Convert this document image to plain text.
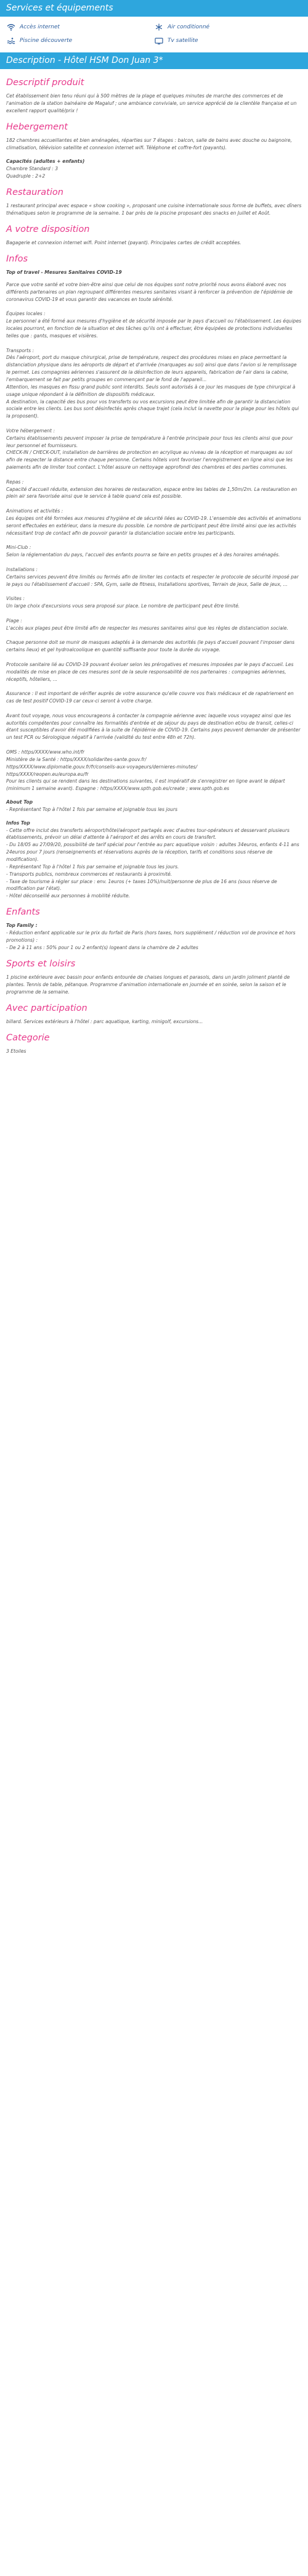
Services et équipements
Accès internet	Air conditionné
Piscine découverte	Tv satellite
Description - Hôtel HSM Don Juan 3*
Descriptif produit

Cet établissement bien tenu réuni qui à 500 mètres de la plage et quelques minutes de marche des commerces et de l'animation de la station balnéaire de Magaluf ; une ambiance conviviale, un service apprécié de la clientèle française et un excellent rapport qualité/prix !

Hebergement

182 chambres accueillantes et bien aménagées, réparties sur 7 étages : balcon, salle de bains avec douche ou baignoire, climatisation, télévision satellite et connexion internet wifi. Téléphone et coffre-fort (payants).

Capacités (adultes + enfants)

Chambre Standard : 3

Quadruple : 2+2

Restauration

1 restaurant principal avec espace « show cooking », proposant une cuisine internationale sous forme de buffets, avec dîners thématiques selon le programme de la semaine. 1 bar près de la piscine proposant des snacks en Juillet et Août.

A votre disposition

Bagagerie et connexion internet wifi. Point internet (payant). Principales cartes de crédit acceptées.

Infos

Top of travel - Mesures Sanitaires COVID-19

Parce que votre santé et votre bien-être ainsi que celui de nos équipes sont notre priorité nous avons élaboré avec nos différents partenaires un plan regroupant différentes mesures sanitaires visant à renforcer la prévention de l'épidémie de coronavirus COVID-19 et vous garantir des vacances en toute sérénité.

Équipes locales :
Le personnel a été formé aux mesures d'hygiène et de sécurité imposée par le pays d'accueil ou l'établissement. Les équipes locales pourront, en fonction de la situation et des tâches qu'ils ont à effectuer, être équipées de protections individuelles telles que : gants, masques et visières.

Transports :
Dès l'aéroport, port du masque chirurgical, prise de température, respect des procédures mises en place permettant la distanciation physique dans les aéroports de départ et d'arrivée (marquages au sol) ainsi que dans l'avion si le remplissage le permet. Les compagnies aériennes s'assurent de la désinfection de leurs appareils, fabrication de l'air dans la cabine, l'embarquement se fait par petits groupes en commençant par le fond de l'appareil...
Attention, les masques en fissu grand public sont interdits. Seuls sont autorisés à ce jour les masques de type chirurgical à usage unique répondant à la définition de dispositifs médicaux.
A destination, la capacité des bus pour vos transferts ou vos excursions peut être limitée afin de garantir la distanciation sociale entre les clients. Les bus sont désinfectés après chaque trajet (cela inclut la navette pour la plage pour les hôtels qui la proposent).

Votre hébergement :
Certains établissements peuvent imposer la prise de température à l'entrée principale pour tous les clients ainsi que pour leur personnel et fournisseurs.
CHECK-IN / CHECK-OUT, installation de barrières de protection en acrylique au niveau de la réception et marquages au sol afin de respecter la distance entre chaque personne. Certains hôtels vont favoriser l'enregistrement en ligne ainsi que les paiements afin de limiter tout contact. L'hôtel assure un nettoyage approfondi des chambres et des parties communes.

Repas :
Capacité d'accueil réduite, extension des horaires de restauration, espace entre les tables de 1,50m/2m. La restauration en plein air sera favorisée ainsi que le service à table quand cela est possible.

Animations et activités :
Les équipes ont été formées aux mesures d'hygiène et de sécurité liées au COVID-19. L'ensemble des activités et animations seront effectuées en extérieur, dans la mesure du possible. Le nombre de participant peut être limité ainsi que les activités nécessitant trop de contact afin de pouvoir garantir la distanciation sociale entre les participants.

Mini-Club :
Selon la réglementation du pays, l'accueil des enfants pourra se faire en petits groupes et à des horaires aménagés.

Installations :
Certains services peuvent être limités ou fermés afin de limiter les contacts et respecter le protocole de sécurité imposé par le pays ou l'établissement d'accueil : SPA, Gym, salle de fitness, Installations sportives, Terrain de jeux, Salle de jeux, ...

Visites :
Un large choix d'excursions vous sera proposé sur place. Le nombre de participant peut être limité.

Plage :
L'accès aux plages peut être limité afin de respecter les mesures sanitaires ainsi que les règles de distanciation sociale.

Chaque personne doit se munir de masques adaptés à la demande des autorités (le pays d'accueil pouvant l'imposer dans certains lieux) et gel hydroalcoolique en quantité suffisante pour toute la durée du voyage.

Protocole sanitaire lié au COVID-19 pouvant évoluer selon les prérogatives et mesures imposées par le pays d'accueil. Les modalités de mise en place de ces mesures sont de la seule responsabilité de nos partenaires : compagnies aériennes, réceptifs, hôteliers, ...

Assurance : Il est important de vérifier auprès de votre assurance qu'elle couvre vos frais médicaux et de rapatriement en cas de test positif COVID-19 car ceux-ci seront à votre charge.

Avant tout voyage, nous vous encourageons à contacter la compagnie aérienne avec laquelle vous voyagez ainsi que les autorités compétentes pour connaître les formalités d'entrée et de séjour du pays de destination et/ou de transit, celles-ci étant susceptibles d'avoir été modifiées à la suite de l'épidémie de COVID-19. Certains pays peuvent demander de présenter un test PCR ou Sérologique négatif à l'arrivée (validité du test entre 48h et 72h).

OMS : https/XXXX/www.who.int/fr
Ministère de la Santé : https/XXXX/solidarites-sante.gouv.fr/
https/XXXX/www.diplomatie.gouv.fr/fr/conseils-aux-voyageurs/dernieres-minutes/
https/XXXX/reopen.eu/europa.eu/fr
Pour les clients qui se rendent dans les destinations suivantes, il est impératif de s'enregistrer en ligne avant le départ (minimum 1 semaine avant). Espagne : https/XXXX/www.spth.gob.es/create ; www.spth.gob.es
About Top
- Représentant Top à l'hôtel 1 fois par semaine et joignable tous les jours
Infos Top
- Cette offre inclut des transferts aéroport/hôtel/aéroport partagés avec d'autres tour-opérateurs et desservant plusieurs établissements, prévoir un délai d'attente à l'aéroport et des arrêts en cours de transfert.
- Du 18/05 au 27/09/20, possibilité de tarif spécial pour l'entrée au parc aquatique voisin : adultes 34euros, enfants 4-11 ans 24euros pour 7 jours (renseignements et réservations auprès de la réception, tarifs et conditions sous réserve de modification).
- Représentant Top à l'hôtel 1 fois par semaine et joignable tous les jours.
- Transports publics, nombreux commerces et restaurants à proximité.
- Taxe de tourisme à régler sur place : env. 1euros (+ taxes 10%)/nuit/personne de plus de 16 ans (sous réserve de modification par l'état).
- Hôtel déconseillé aux personnes à mobilité réduite.
Enfants

Top Family :

- Réduction enfant applicable sur le prix du forfait de Paris (hors taxes, hors supplément / réduction vol de province et hors promotions) :

- De 2 à 11 ans : 50% pour 1 ou 2 enfant(s) logeant dans la chambre de 2 adultes

Sports et loisirs

1 piscine extérieure avec bassin pour enfants entourée de chaises longues et parasols, dans un jardin joliment planté de plantes. Tennis de table, pétanque. Programme d'animation internationale en journée et en soirée, selon la saison et le programme de la semaine.

Avec participation

billard. Services extérieurs à l'hôtel : parc aquatique, karting, minigolf, excursions...

Categorie

3 Etoiles
